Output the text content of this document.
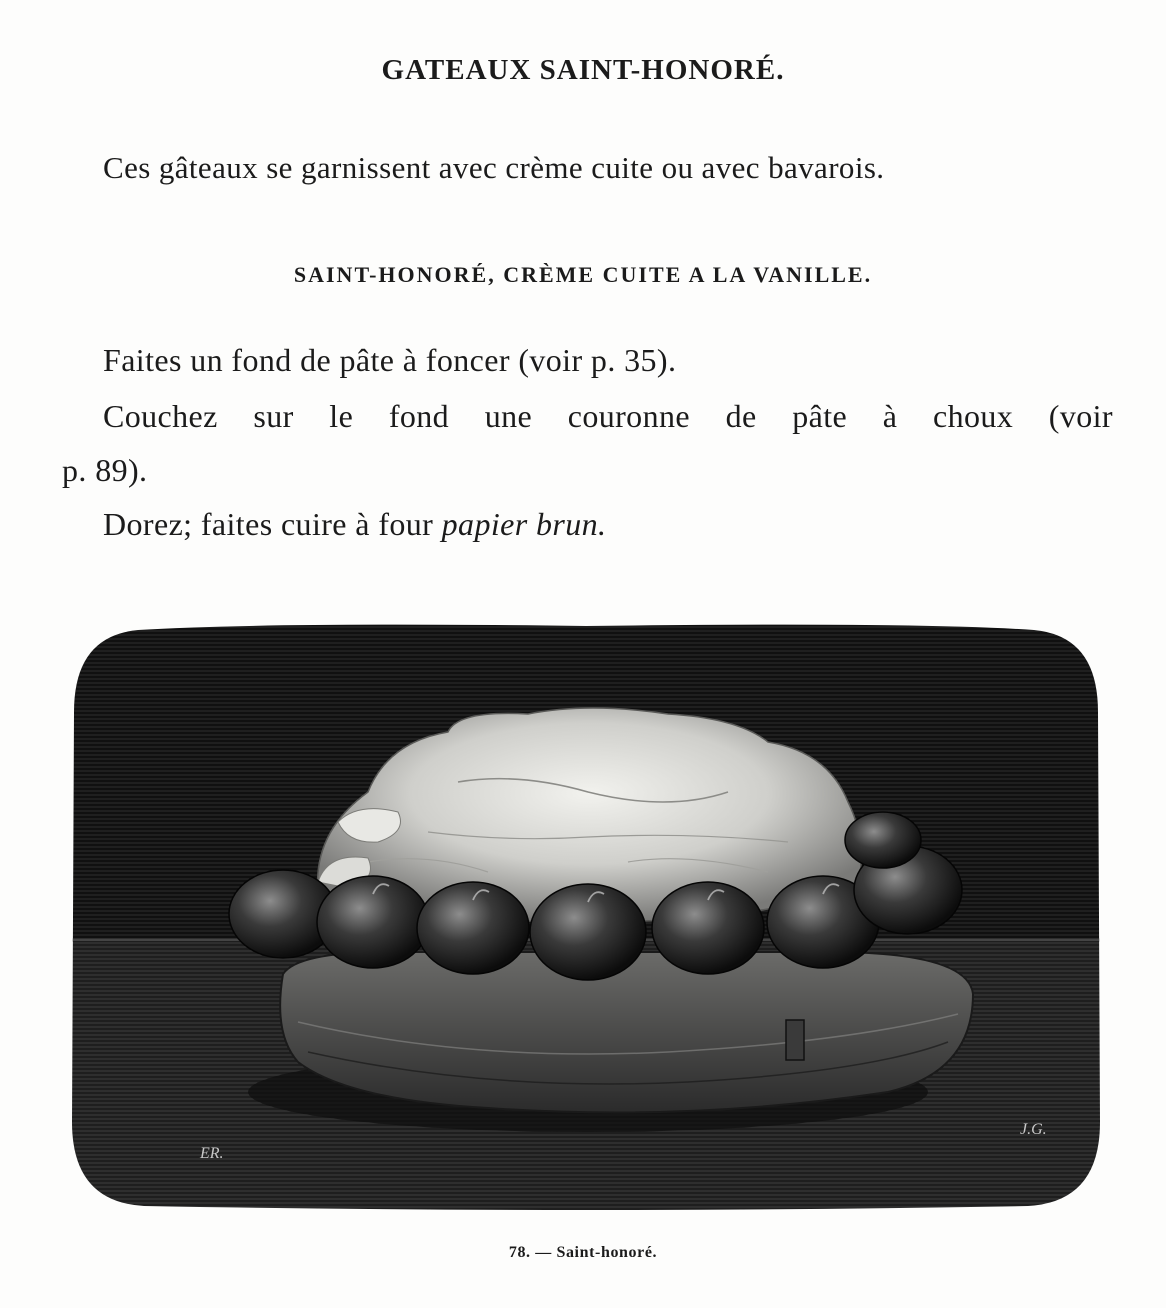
GATEAUX SAINT-HONORÉ.
Ces gâteaux se garnissent avec crème cuite ou avec bavarois.
SAINT-HONORÉ, CRÈME CUITE A LA VANILLE.
Faites un fond de pâte à foncer (voir p. 35).
Couchez sur le fond une couronne de pâte à choux (voir
p. 89).
Dorez; faites cuire à four papier brun.
ER.
J.G.
78. — Saint-honoré.
